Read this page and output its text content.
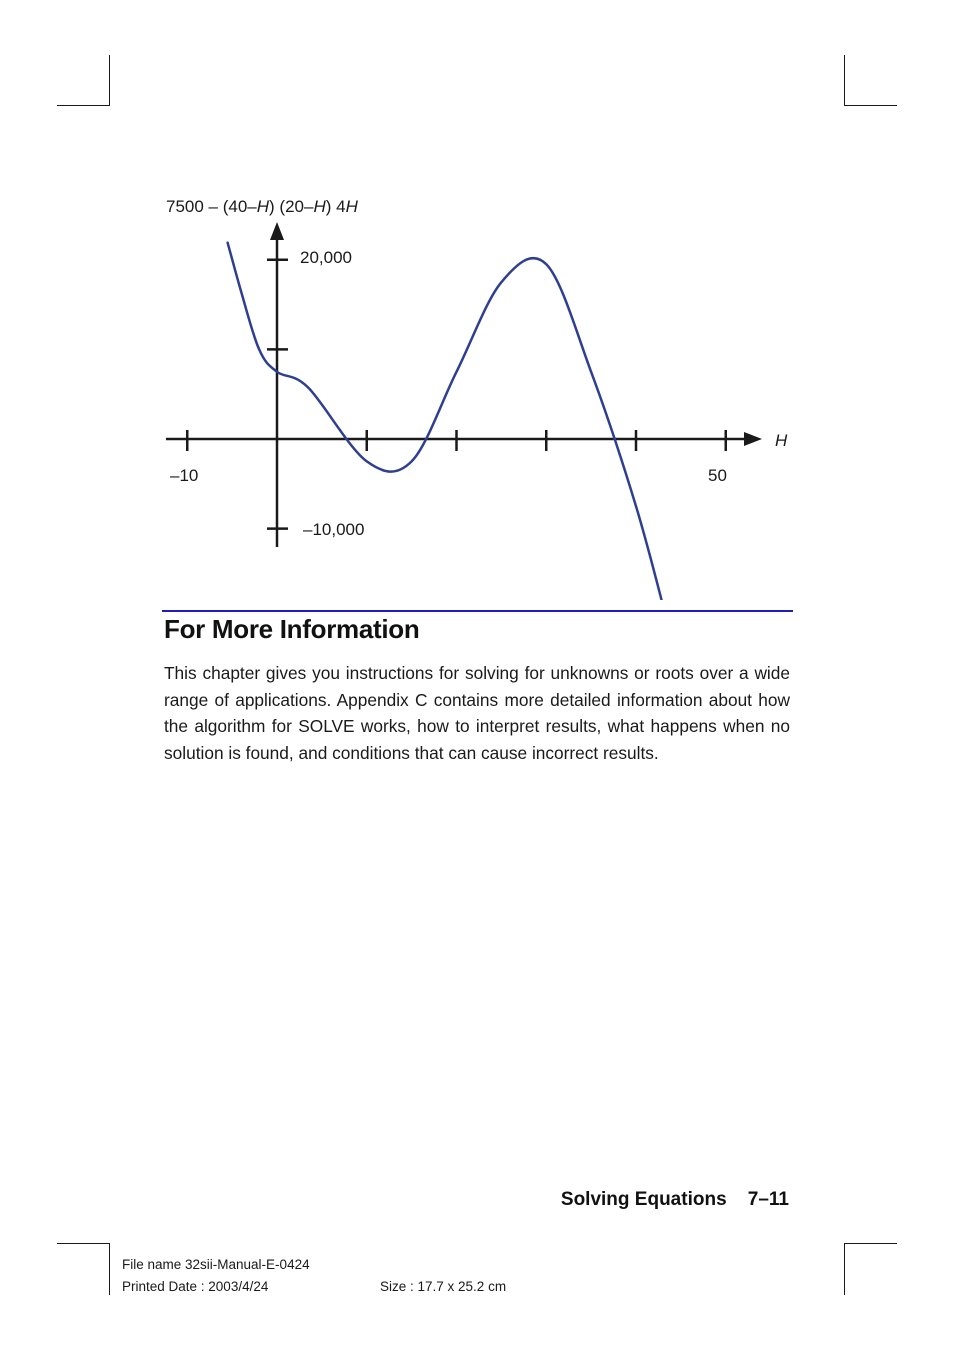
7500 – (40–H) (20–H) 4H
20,000
–10,000
–10	50
H
For More Information

This chapter gives you instructions for solving for unknowns or roots over a wide range of applications. Appendix C contains more detailed information about how the algorithm for SOLVE works, how to interpret results, what happens when no solution is found, and conditions that can cause incorrect results.

Solving Equations 7–11
File name 32sii-Manual-E-0424
Printed Date : 2003/4/24	Size : 17.7 x 25.2 cm
